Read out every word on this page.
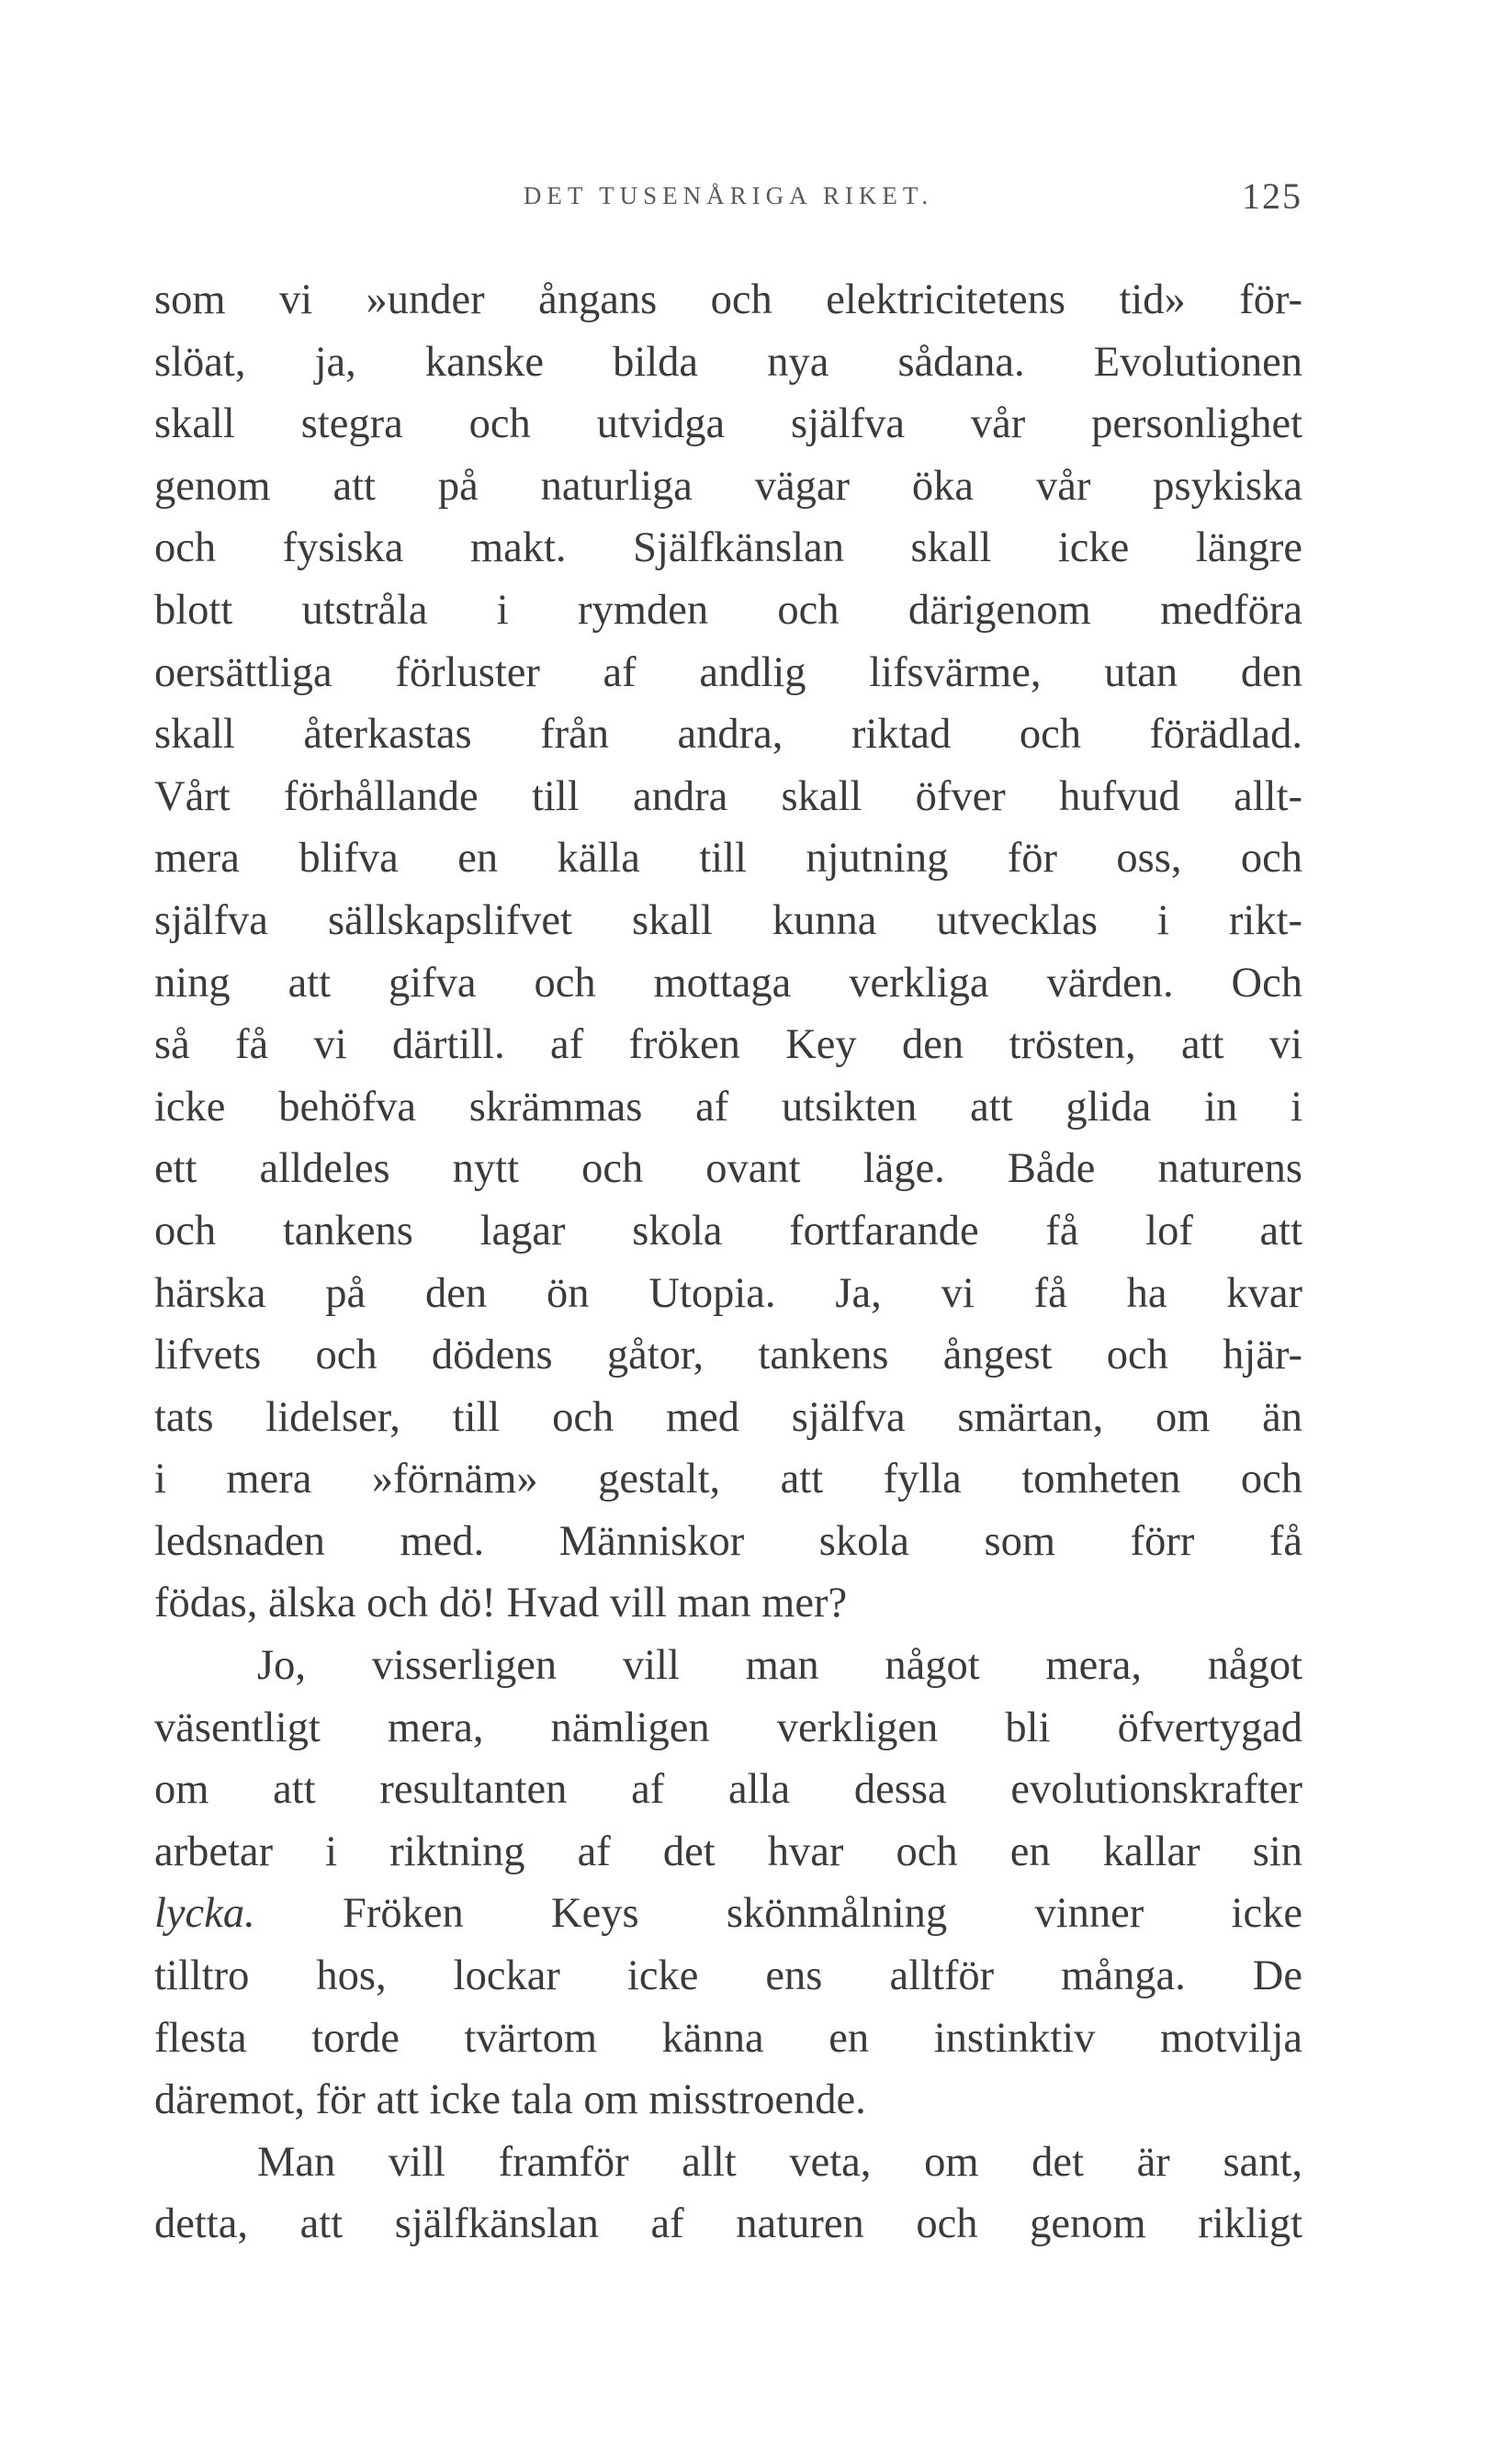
DET TUSENÅRIGA RIKET.	125
som vi »under ångans och elektricitetens tid» för-
slöat, ja, kanske bilda nya sådana. Evolutionen
skall stegra och utvidga själfva vår personlighet
genom att på naturliga vägar öka vår psykiska
och fysiska makt. Själfkänslan skall icke längre
blott utstråla i rymden och därigenom medföra
oersättliga förluster af andlig lifsvärme, utan den
skall återkastas från andra, riktad och förädlad.
Vårt förhållande till andra skall öfver hufvud allt-
mera blifva en källa till njutning för oss, och
själfva sällskapslifvet skall kunna utvecklas i rikt-
ning att gifva och mottaga verkliga värden. Och
så få vi därtill. af fröken Key den trösten, att vi
icke behöfva skrämmas af utsikten att glida in i
ett alldeles nytt och ovant läge. Både naturens
och tankens lagar skola fortfarande få lof att
härska på den ön Utopia. Ja, vi få ha kvar
lifvets och dödens gåtor, tankens ångest och hjär-
tats lidelser, till och med själfva smärtan, om än
i mera »förnäm» gestalt, att fylla tomheten och
ledsnaden med. Människor skola som förr få
födas, älska och dö! Hvad vill man mer?
Jo, visserligen vill man något mera, något
väsentligt mera, nämligen verkligen bli öfvertygad
om att resultanten af alla dessa evolutionskrafter
arbetar i riktning af det hvar och en kallar sin
lycka. Fröken Keys skönmålning vinner icke
tilltro hos, lockar icke ens alltför många. De
flesta torde tvärtom känna en instinktiv motvilja
däremot, för att icke tala om misstroende.
Man vill framför allt veta, om det är sant,
detta, att själfkänslan af naturen och genom rikligt
